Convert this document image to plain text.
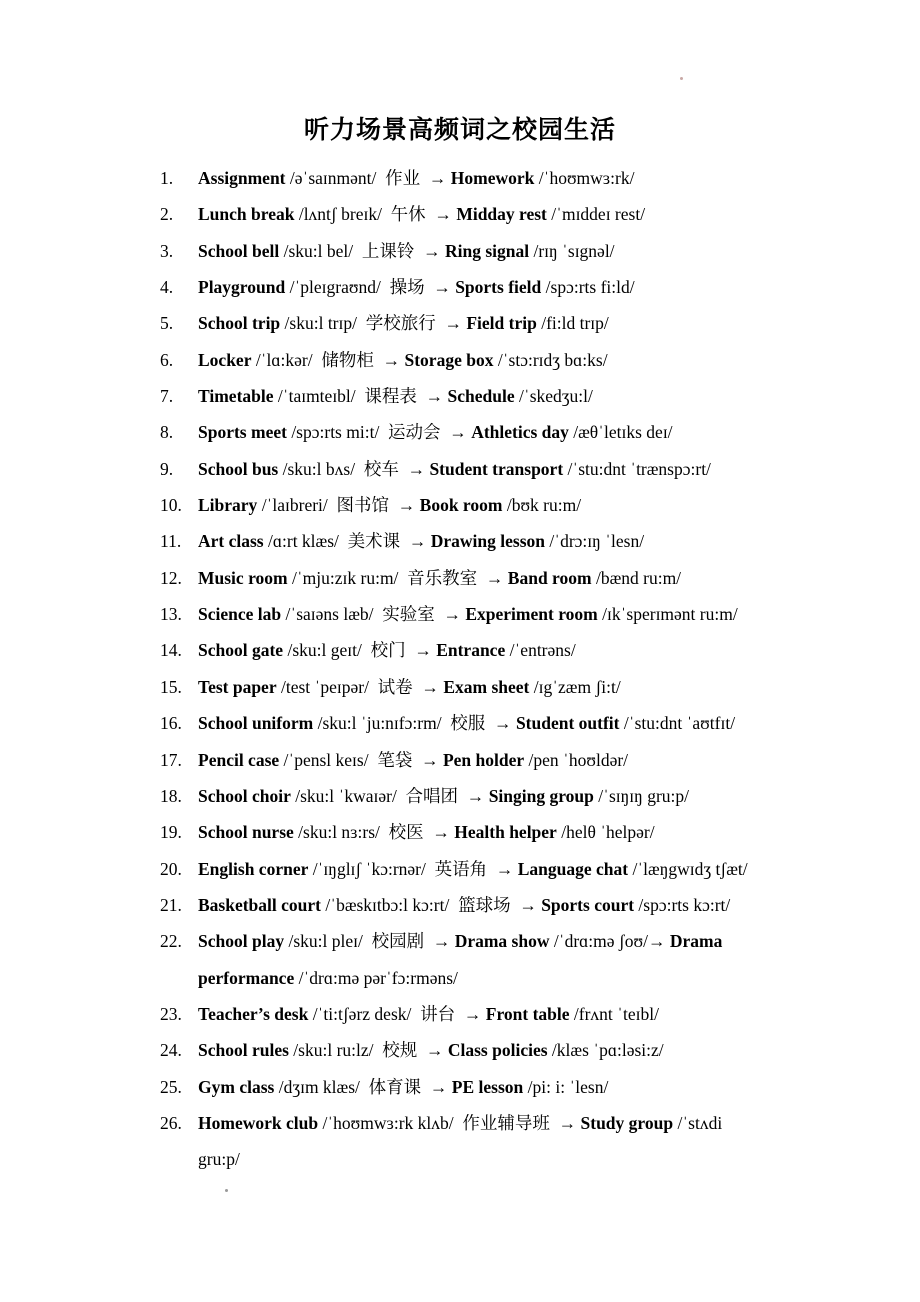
听力场景高频词之校园生活
1.	Assignment /əˈsaɪnmənt/  作业  → Homework /ˈhoʊmwɜ:rk/
2.	Lunch break /lʌntʃ breɪk/  午休  → Midday rest /ˈmɪddeɪ rest/
3.	School bell /sku:l bel/  上课铃  → Ring signal /rɪŋ ˈsɪgnəl/
4.	Playground /ˈpleɪgraʊnd/  操场  → Sports field /spɔ:rts fi:ld/
5.	School trip /sku:l trɪp/  学校旅行  → Field trip /fi:ld trɪp/
6.	Locker /ˈlɑ:kər/  储物柜  → Storage box /ˈstɔ:rɪdʒ bɑ:ks/
7.	Timetable /ˈtaɪmteɪbl/  课程表  → Schedule /ˈskedʒu:l/
8.	Sports meet /spɔ:rts mi:t/  运动会  → Athletics day /æθˈletɪks deɪ/
9.	School bus /sku:l bʌs/  校车  → Student transport /ˈstu:dnt ˈtrænspɔ:rt/
10. Library /ˈlaɪbreri/  图书馆  → Book room /bʊk ru:m/
11. Art class /ɑ:rt klæs/  美术课  → Drawing lesson /ˈdrɔ:ɪŋ ˈlesn/
12. Music room /ˈmju:zɪk ru:m/  音乐教室  → Band room /bænd ru:m/
13. Science lab /ˈsaɪəns læb/  实验室  → Experiment room /ɪkˈsperɪmənt ru:m/
14. School gate /sku:l geɪt/  校门  → Entrance /ˈentrəns/
15. Test paper /test ˈpeɪpər/  试卷  → Exam sheet /ɪgˈzæm ʃi:t/
16. School uniform /sku:l ˈju:nɪfɔ:rm/  校服  → Student outfit /ˈstu:dnt ˈaʊtfɪt/
17. Pencil case /ˈpensl keɪs/  笔袋  → Pen holder /pen ˈhoʊldər/
18. School choir /sku:l ˈkwaɪər/  合唱团  → Singing group /ˈsɪŋɪŋ gru:p/
19. School nurse /sku:l nɜ:rs/  校医  → Health helper /helθ ˈhelpər/
20. English corner /ˈɪŋglɪʃ ˈkɔ:rnər/  英语角  → Language chat /ˈlæŋgwɪdʒ tʃæt/
21. Basketball court /ˈbæskɪtbɔ:l kɔ:rt/  篮球场  → Sports court /spɔ:rts kɔ:rt/
22. School play /sku:l pleɪ/  校园剧  → Drama show /ˈdrɑ:mə ʃoʊ/→ Drama
performance /ˈdrɑ:mə pərˈfɔ:rməns/
23. Teacher’s desk /ˈti:tʃərz desk/  讲台  → Front table /frʌnt ˈteɪbl/
24. School rules /sku:l ru:lz/  校规  → Class policies /klæs ˈpɑ:ləsi:z/
25. Gym class /dʒɪm klæs/  体育课  → PE lesson /pi: i: ˈlesn/
26. Homework club /ˈhoʊmwɜ:rk klʌb/  作业辅导班  → Study group /ˈstʌdi
gru:p/
